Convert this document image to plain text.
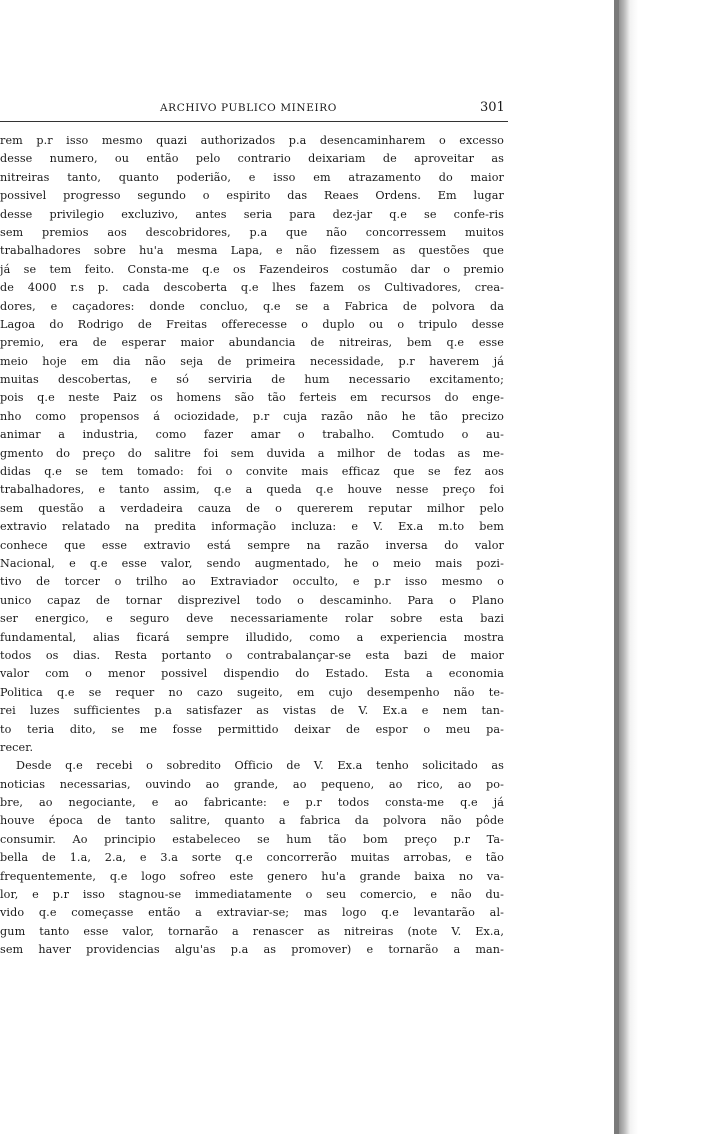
ARCHIVO PUBLICO MINEIRO	301
rem p.r isso mesmo quazi authorizados p.a desencaminharem o excesso
desse numero, ou então pelo contrario deixariam de aproveitar as
nitreiras tanto, quanto poderião, e isso em atrazamento do maior
possivel progresso segundo o espirito das Reaes Ordens. Em lugar
desse privilegio excluzivo, antes seria para dez-jar q.e se confe-ris
sem premios aos descobridores, p.a que não concorressem muitos
trabalhadores sobre hu'a mesma Lapa, e não fizessem as questões que
já se tem feito. Consta-me q.e os Fazendeiros costumão dar o premio
de 4000 r.s p. cada descoberta q.e lhes fazem os Cultivadores, crea-
dores, e caçadores: donde concluo, q.e se a Fabrica de polvora da
Lagoa do Rodrigo de Freitas offerecesse o duplo ou o tripulo desse
premio, era de esperar maior abundancia de nitreiras, bem q.e esse
meio hoje em dia não seja de primeira necessidade, p.r haverem já
muitas descobertas, e só serviria de hum necessario excitamento;
pois q.e neste Paiz os homens são tão ferteis em recursos do enge-
nho como propensos á ociozidade, p.r cuja razão não he tão precizo
animar a industria, como fazer amar o trabalho. Comtudo o au-
gmento do preço do salitre foi sem duvida a milhor de todas as me-
didas q.e se tem tomado: foi o convite mais efficaz que se fez aos
trabalhadores, e tanto assim, q.e a queda q.e houve nesse preço foi
sem questão a verdadeira cauza de o quererem reputar milhor pelo
extravio relatado na predita informação incluza: e V. Ex.a m.to bem
conhece que esse extravio está sempre na razão inversa do valor
Nacional, e q.e esse valor, sendo augmentado, he o meio mais pozi-
tivo de torcer o trilho ao Extraviador occulto, e p.r isso mesmo o
unico capaz de tornar disprezivel todo o descaminho. Para o Plano
ser energico, e seguro deve necessariamente rolar sobre esta bazi
fundamental, alias ficará sempre illudido, como a experiencia mostra
todos os dias. Resta portanto o contrabalançar-se esta bazi de maior
valor com o menor possivel dispendio do Estado. Esta a economia
Politica q.e se requer no cazo sugeito, em cujo desempenho não te-
rei luzes sufficientes p.a satisfazer as vistas de V. Ex.a e nem tan-
to teria dito, se me fosse permittido deixar de espor o meu pa-
recer.
Desde q.e recebi o sobredito Officio de V. Ex.a tenho solicitado as
noticias necessarias, ouvindo ao grande, ao pequeno, ao rico, ao po-
bre, ao negociante, e ao fabricante: e p.r todos consta-me q.e já
houve época de tanto salitre, quanto a fabrica da polvora não pôde
consumir. Ao principio estabeleceo se hum tão bom preço p.r Ta-
bella de 1.a, 2.a, e 3.a sorte q.e concorrerão muitas arrobas, e tão
frequentemente, q.e logo sofreo este genero hu'a grande baixa no va-
lor, e p.r isso stagnou-se immediatamente o seu comercio, e não du-
vido q.e começasse então a extraviar-se; mas logo q.e levantarão al-
gum tanto esse valor, tornarão a renascer as nitreiras (note V. Ex.a,
sem haver providencias algu'as p.a as promover) e tornarão a man-
